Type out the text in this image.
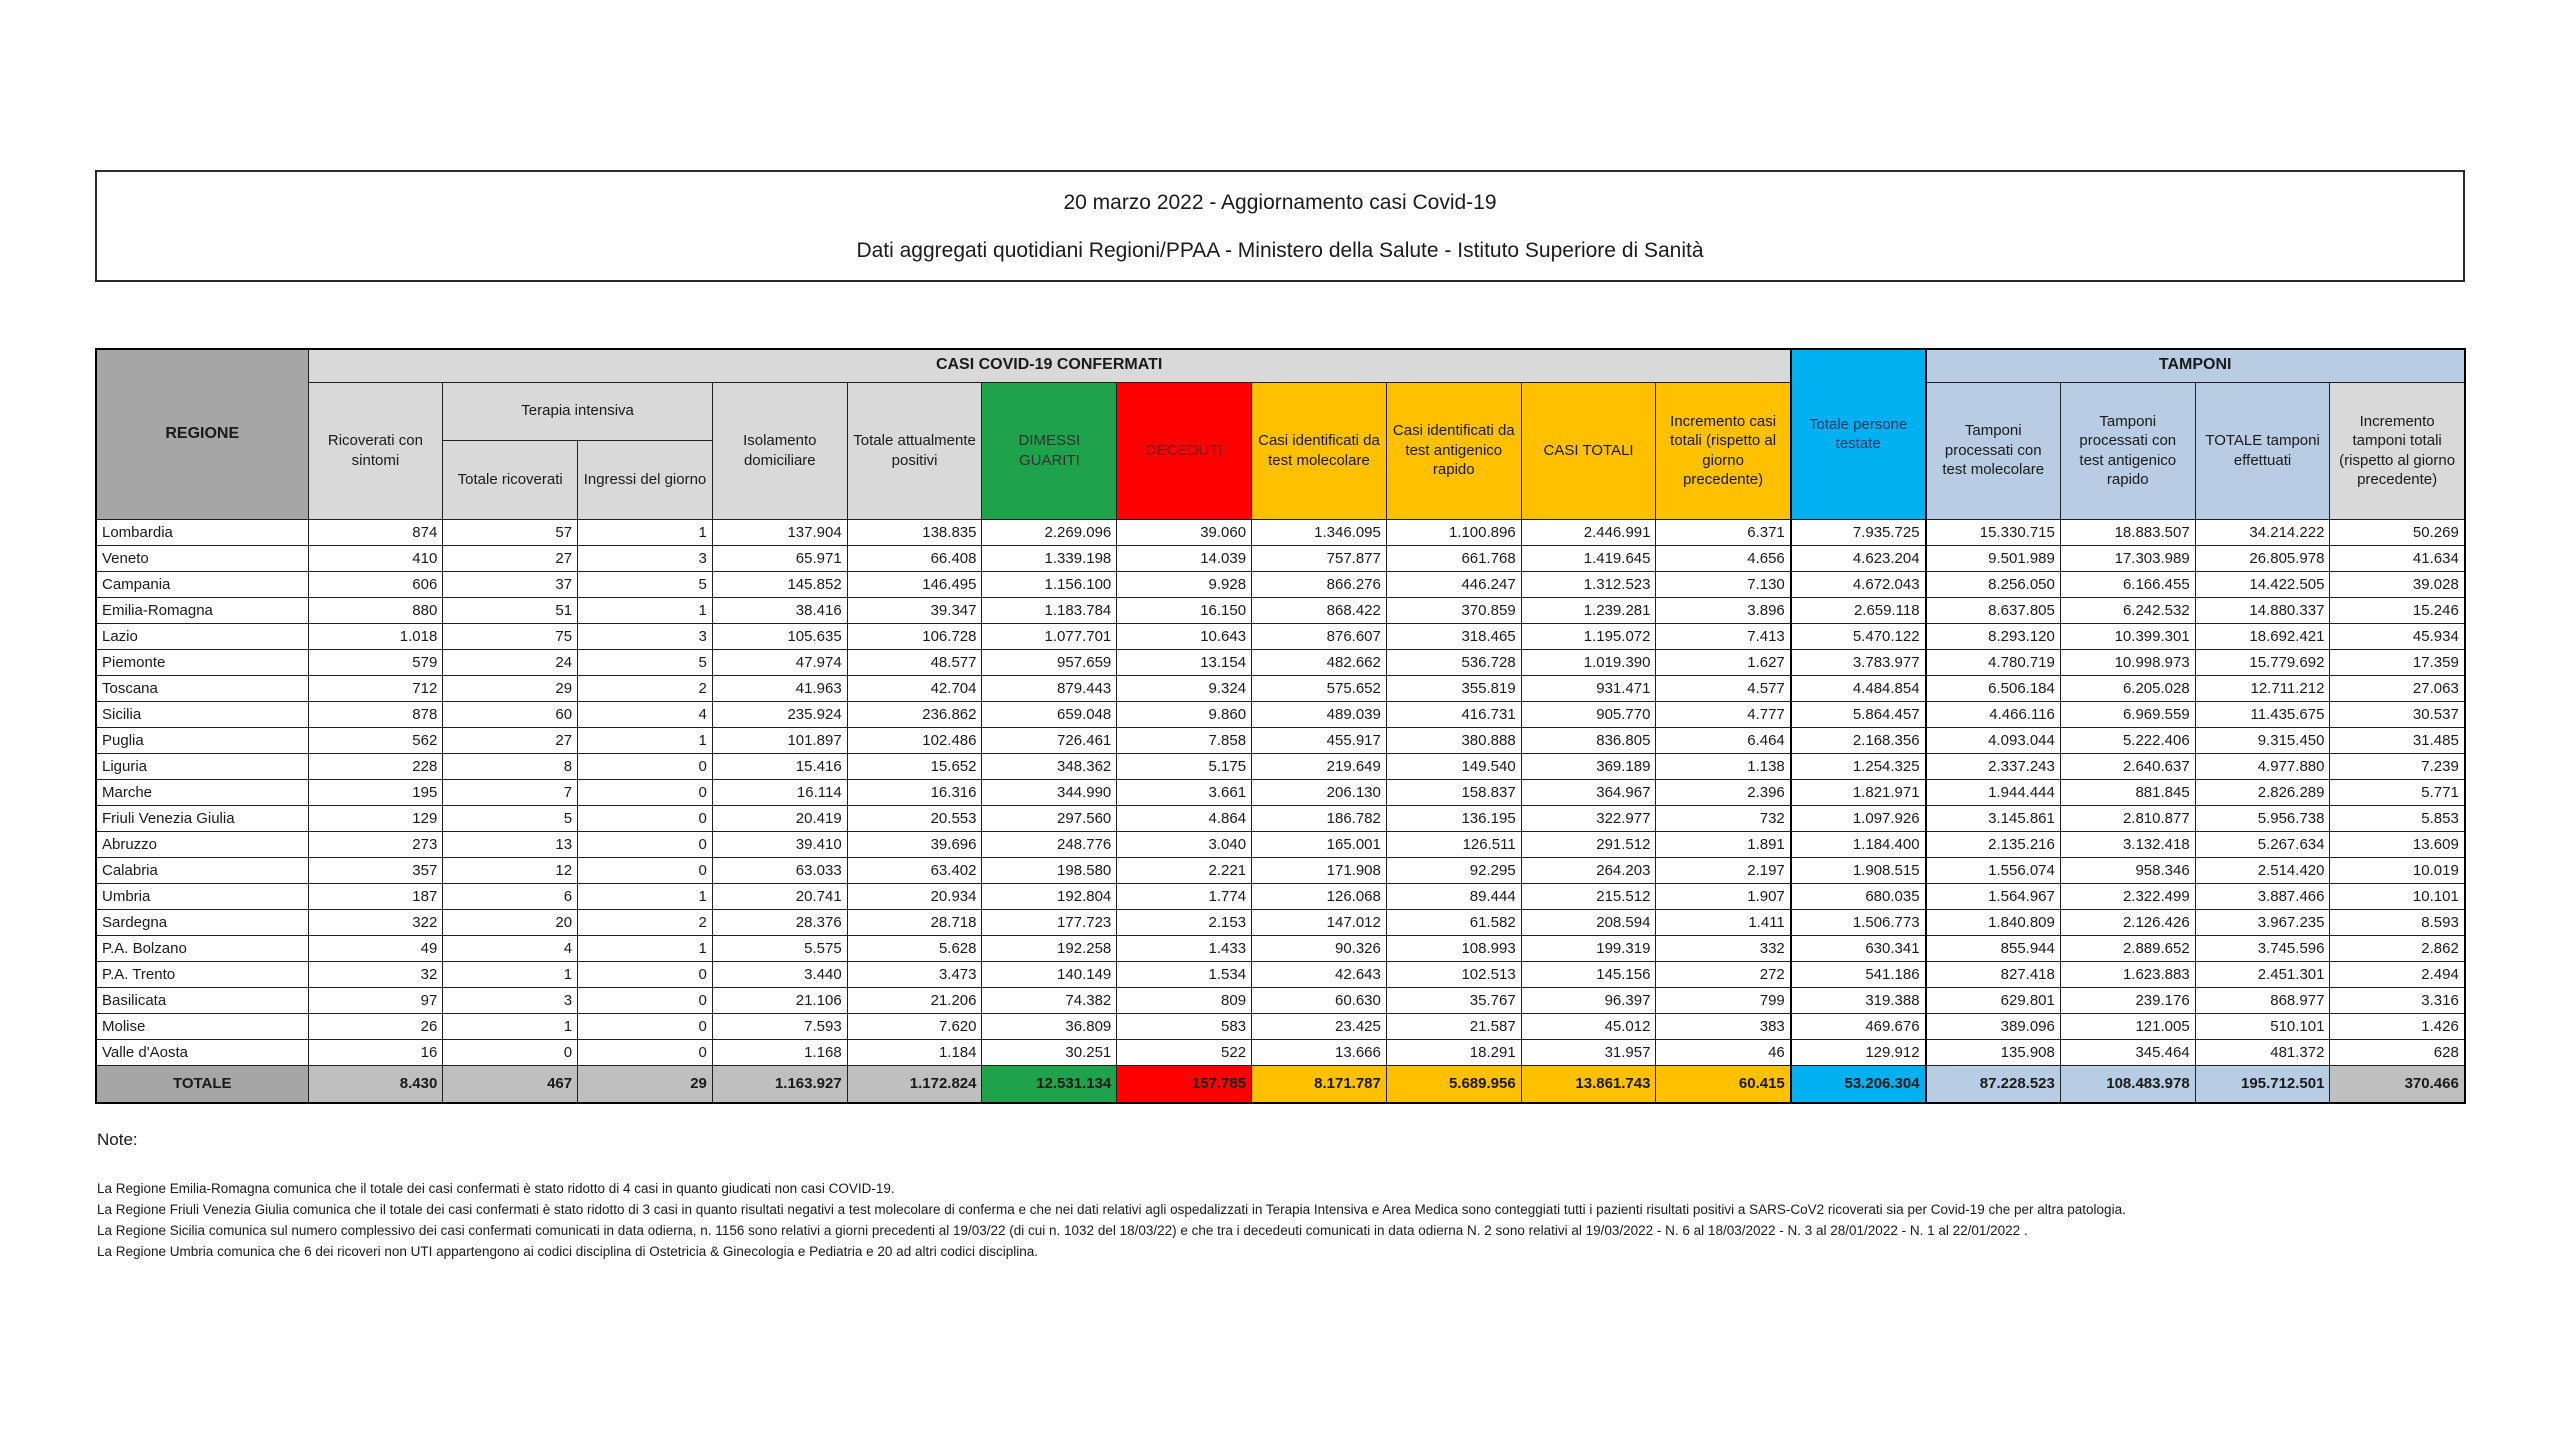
20 marzo 2022 - Aggiornamento casi Covid-19
Dati aggregati quotidiani Regioni/PPAA - Ministero della Salute - Istituto Superiore di Sanità
REGIONE	CASI COVID-19 CONFERMATI											Totale persone testate	TAMPONI			
	Ricoverati con sintomi	Terapia intensiva		Isolamento domiciliare	Totale attualmente positivi	DIMESSI GUARITI	DECEDUTI	Casi identificati da test molecolare	Casi identificati da test antigenico rapido	CASI TOTALI	Incremento casi totali (rispetto al giorno precedente)		Tamponi processati con test molecolare	Tamponi processati con test antigenico rapido	TOTALE tamponi effettuati	Incremento tamponi totali (rispetto al giorno precedente)
		Totale ricoverati	Ingressi del giorno													
Lombardia	874	57	1	137.904	138.835	2.269.096	39.060	1.346.095	1.100.896	2.446.991	6.371	7.935.725	15.330.715	18.883.507	34.214.222	50.269
Veneto	410	27	3	65.971	66.408	1.339.198	14.039	757.877	661.768	1.419.645	4.656	4.623.204	9.501.989	17.303.989	26.805.978	41.634
Campania	606	37	5	145.852	146.495	1.156.100	9.928	866.276	446.247	1.312.523	7.130	4.672.043	8.256.050	6.166.455	14.422.505	39.028
Emilia-Romagna	880	51	1	38.416	39.347	1.183.784	16.150	868.422	370.859	1.239.281	3.896	2.659.118	8.637.805	6.242.532	14.880.337	15.246
Lazio	1.018	75	3	105.635	106.728	1.077.701	10.643	876.607	318.465	1.195.072	7.413	5.470.122	8.293.120	10.399.301	18.692.421	45.934
Piemonte	579	24	5	47.974	48.577	957.659	13.154	482.662	536.728	1.019.390	1.627	3.783.977	4.780.719	10.998.973	15.779.692	17.359
Toscana	712	29	2	41.963	42.704	879.443	9.324	575.652	355.819	931.471	4.577	4.484.854	6.506.184	6.205.028	12.711.212	27.063
Sicilia	878	60	4	235.924	236.862	659.048	9.860	489.039	416.731	905.770	4.777	5.864.457	4.466.116	6.969.559	11.435.675	30.537
Puglia	562	27	1	101.897	102.486	726.461	7.858	455.917	380.888	836.805	6.464	2.168.356	4.093.044	5.222.406	9.315.450	31.485
Liguria	228	8	0	15.416	15.652	348.362	5.175	219.649	149.540	369.189	1.138	1.254.325	2.337.243	2.640.637	4.977.880	7.239
Marche	195	7	0	16.114	16.316	344.990	3.661	206.130	158.837	364.967	2.396	1.821.971	1.944.444	881.845	2.826.289	5.771
Friuli Venezia Giulia	129	5	0	20.419	20.553	297.560	4.864	186.782	136.195	322.977	732	1.097.926	3.145.861	2.810.877	5.956.738	5.853
Abruzzo	273	13	0	39.410	39.696	248.776	3.040	165.001	126.511	291.512	1.891	1.184.400	2.135.216	3.132.418	5.267.634	13.609
Calabria	357	12	0	63.033	63.402	198.580	2.221	171.908	92.295	264.203	2.197	1.908.515	1.556.074	958.346	2.514.420	10.019
Umbria	187	6	1	20.741	20.934	192.804	1.774	126.068	89.444	215.512	1.907	680.035	1.564.967	2.322.499	3.887.466	10.101
Sardegna	322	20	2	28.376	28.718	177.723	2.153	147.012	61.582	208.594	1.411	1.506.773	1.840.809	2.126.426	3.967.235	8.593
P.A. Bolzano	49	4	1	5.575	5.628	192.258	1.433	90.326	108.993	199.319	332	630.341	855.944	2.889.652	3.745.596	2.862
P.A. Trento	32	1	0	3.440	3.473	140.149	1.534	42.643	102.513	145.156	272	541.186	827.418	1.623.883	2.451.301	2.494
Basilicata	97	3	0	21.106	21.206	74.382	809	60.630	35.767	96.397	799	319.388	629.801	239.176	868.977	3.316
Molise	26	1	0	7.593	7.620	36.809	583	23.425	21.587	45.012	383	469.676	389.096	121.005	510.101	1.426
Valle d'Aosta	16	0	0	1.168	1.184	30.251	522	13.666	18.291	31.957	46	129.912	135.908	345.464	481.372	628
TOTALE	8.430	467	29	1.163.927	1.172.824	12.531.134	157.785	8.171.787	5.689.956	13.861.743	60.415	53.206.304	87.228.523	108.483.978	195.712.501	370.466
Note:
La Regione Emilia-Romagna comunica che il totale dei casi confermati è stato ridotto di 4 casi in quanto giudicati non casi COVID-19.
La Regione Friuli Venezia Giulia comunica che il totale dei casi confermati è stato ridotto di 3 casi in quanto risultati negativi a test molecolare di conferma e che nei dati relativi agli ospedalizzati in Terapia Intensiva e Area Medica sono conteggiati tutti i pazienti risultati positivi a SARS-CoV2 ricoverati sia per Covid-19 che per altra patologia.
La Regione Sicilia comunica sul numero complessivo dei casi confermati comunicati in data odierna, n. 1156 sono relativi a giorni precedenti al 19/03/22 (di cui n. 1032 del 18/03/22) e che tra i decedeuti comunicati in data odierna N. 2 sono relativi al 19/03/2022 - N. 6 al 18/03/2022 - N. 3 al 28/01/2022 - N. 1 al 22/01/2022 .
La Regione Umbria comunica che 6 dei ricoveri non UTI appartengono ai codici disciplina di Ostetricia & Ginecologia e Pediatria e 20 ad altri codici disciplina.
